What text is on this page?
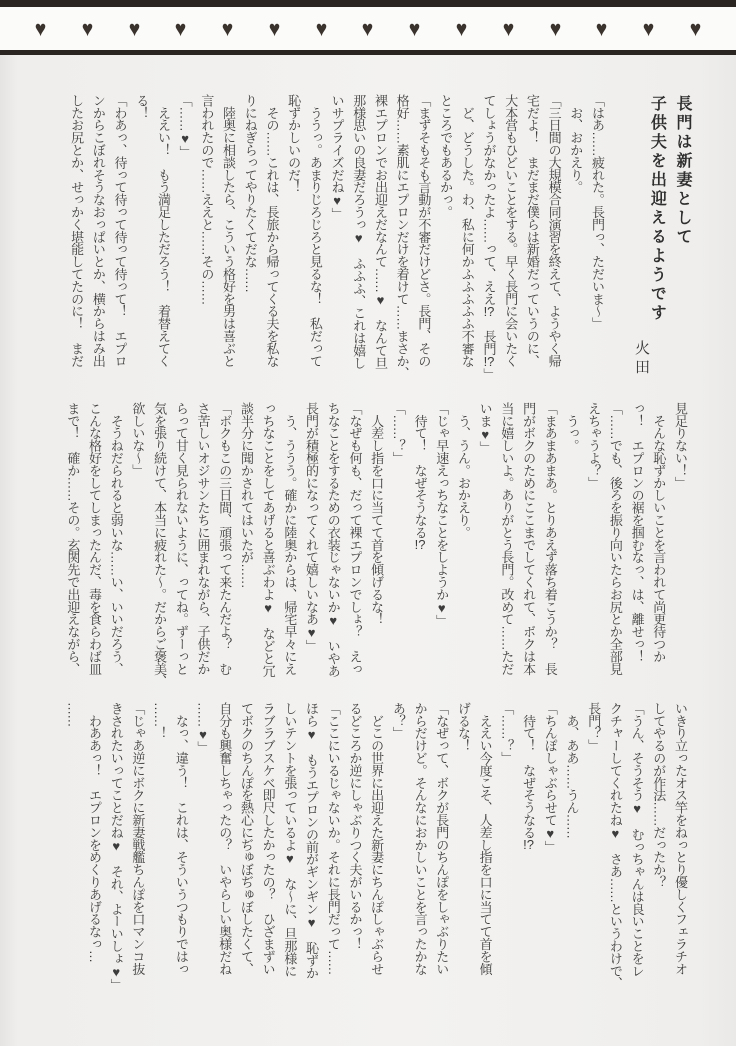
♥ ♥ ♥ ♥ ♥ ♥ ♥ ♥ ♥ ♥ ♥ ♥ ♥ ♥ ♥

長門は新妻として

子供夫を出迎えるようです

火田

「はあ……疲れた。長門っ、ただいま〜」

　お、おかえり。

「三日間の大規模合同演習を終えて、ようやく帰

宅だよ！　まだまだ僕らは新婚だっていうのに、

大本営もひどいことをする。早く長門に会いたく

てしょうがなかったよ……って、ええ!?　長門!?」

　ど、どうした。わ、私に何かふふふふふ不審な

ところでもあるかっ。

「まずそもそも言動が不審だけどさ。長門、その

格好……素肌にエプロンだけを着けて……まさか、

裸エプロンでお出迎えだなんて……♥　なんて旦

那様思いの良妻だろうっ♥　ふふふ、これは嬉し

いサプライズだね♥」

　ううっ。あまりじろじろと見るな！　私だって

恥ずかしいのだ！

　その……これは、長旅から帰ってくる夫を私な

りにねぎらってやりたくてだな……

　陸奥に相談したら、こういう格好を男は喜ぶと

言われたので……ええと……その……

「……♥」

　ええい！　もう満足しただろう！　着替えてく

る！

「わあっ、待って待って待って待って！　エプロ

ンからこぼれそうなおっぱいとか、横からはみ出

したお尻とか、せっかく堪能してたのに！　まだ

見足りない！」

　そんな恥ずかしいことを言われて尚更待つか

っ！　エプロンの裾を掴むなっ、は、離せっ！

「……でも、後ろを振り向いたらお尻とか全部見

えちゃうよ？」

　うっ。

「まあまあまあ。とりあえず落ち着こうか？　長

門がボクのためにここまでしてくれて、ボクは本

当に嬉しいよ。ありがとう長門。改めて……ただ

いま♥」

　う、うん。おかえり。

「じゃ早速えっちなことをしようか♥」

　待て！　なぜそうなる!?

「……？」

　人差し指を口に当てて首を傾げるな！

「なぜも何も、だって裸エプロンでしょ？　えっ

ちなことをするための衣装じゃないか♥　いやあ

長門が積極的になってくれて嬉しいなあ♥」

　う、ううう。確かに陸奥からは、帰宅早々にえ

っちなことをしてあげると喜ぶわよ♥　などと冗

談半分に聞かされてはいたが……

「ボクもこの三日間、頑張って来たんだよ？　む

さ苦しいオジサンたちに囲まれながら、子供だか

らって甘く見られないように、ってね。ずーっと

気を張り続けて、本当に疲れた〜。だからご褒美、

欲しいな〜」

　そうねだられると弱いな……い、いいだろう、

こんな格好をしてしまったんだ、毒を食らわば皿

まで！　確か……その。玄関先で出迎えながら、

いきり立ったオス竿をねっとり優しくフェラチオ

してやるのが作法……だったか？

「うん、そうそう♥　むっちゃんは良いことをレ

クチャーしてくれたね♥　さあ……というわけで、

長門？」

　あ、ああ……うん……

「ちんぽしゃぶらせて♥」

　待て！　なぜそうなる!?

「……？」

　ええい今度こそ、人差し指を口に当てて首を傾

げるな！

「なぜって、ボクが長門のちんぽをしゃぶりたい

からだけど。そんなにおかしいことを言ったかな

あ？」

　どこの世界に出迎えた新妻にちんぽしゃぶらせ

るどころか逆にしゃぶりつく夫がいるかっ！

「ここにいるじゃないか。それに長門だって……

ほら♥　もうエプロンの前がギンギン♥　恥ずか

しいテントを張っているよ♥　な〜に、旦那様に

ラブラブスケベ即尺したかったの？　ひざまずい

てボクのちんぽを熱心にぢゅぼぢゅぼしたくて、

自分も興奮しちゃったの？　いやらしい奥様だね

……♥」

　なっ、違う！　これは、そういうつもりではっ

……！

「じゃあ逆にボクに新妻戦艦ちんぽを口マンコ抜

きされたいってことだね♥　それ、よーいしょ♥」

　わああっ！　エプロンをめくりあげるなっ…

……
